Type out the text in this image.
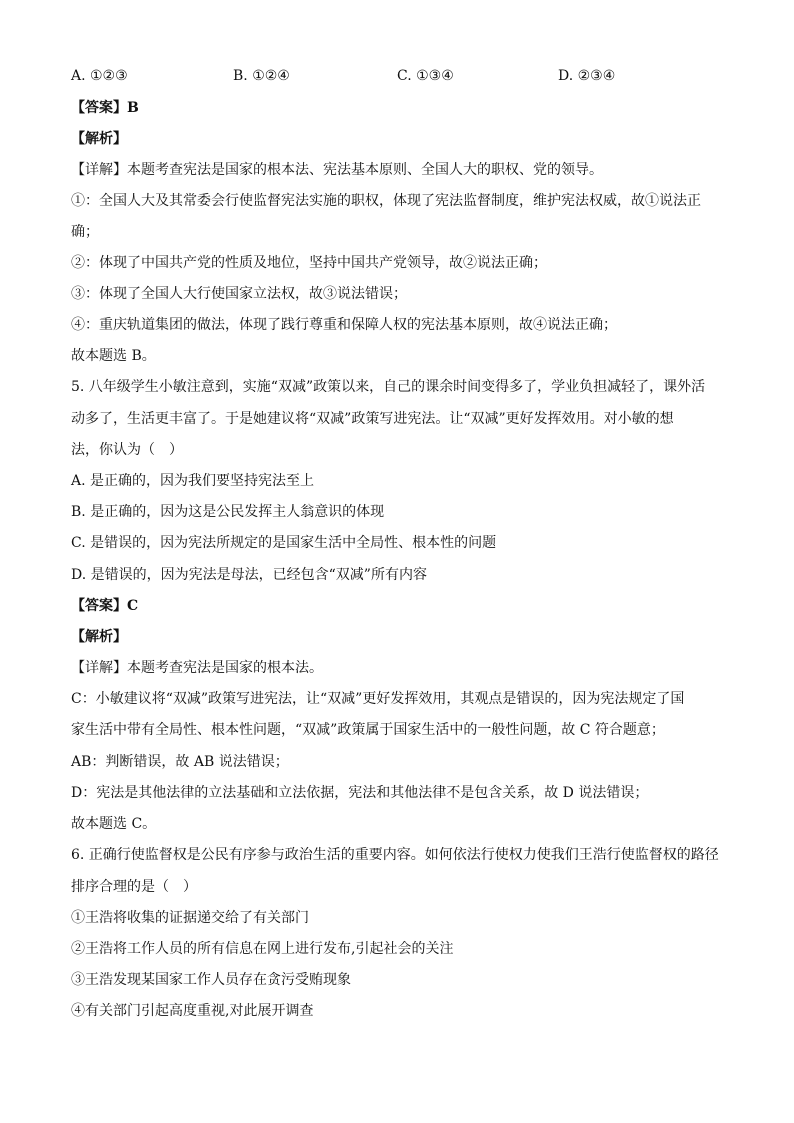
A. ①②③	B. ①②④	C. ①③④	D. ②③④
【答案】B
【解析】
【详解】本题考查宪法是国家的根本法、宪法基本原则、全国人大的职权、党的领导。
①：全国人大及其常委会行使监督宪法实施的职权，体现了宪法监督制度，维护宪法权威，故①说法正
确；
②：体现了中国共产党的性质及地位，坚持中国共产党领导，故②说法正确；
③：体现了全国人大行使国家立法权，故③说法错误；
④：重庆轨道集团的做法，体现了践行尊重和保障人权的宪法基本原则，故④说法正确；
故本题选 B。
5. 八年级学生小敏注意到，实施“双减”政策以来，自己的课余时间变得多了，学业负担减轻了，课外活
动多了，生活更丰富了。于是她建议将“双减”政策写进宪法。让“双减”更好发挥效用。对小敏的想
法，你认为（　）
A. 是正确的，因为我们要坚持宪法至上
B. 是正确的，因为这是公民发挥主人翁意识的体现
C. 是错误的，因为宪法所规定的是国家生活中全局性、根本性的问题
D. 是错误的，因为宪法是母法，已经包含“双减”所有内容
【答案】C
【解析】
【详解】本题考查宪法是国家的根本法。
C：小敏建议将“双减”政策写进宪法，让“双减”更好发挥效用，其观点是错误的，因为宪法规定了国
家生活中带有全局性、根本性问题，“双减”政策属于国家生活中的一般性问题，故 C 符合题意；
AB：判断错误，故 AB 说法错误；
D：宪法是其他法律的立法基础和立法依据，宪法和其他法律不是包含关系，故 D 说法错误；
故本题选 C。
6. 正确行使监督权是公民有序参与政治生活的重要内容。如何依法行使权力使我们王浩行使监督权的路径
排序合理的是（　）
①王浩将收集的证据递交给了有关部门
②王浩将工作人员的所有信息在网上进行发布,引起社会的关注
③王浩发现某国家工作人员存在贪污受贿现象
④有关部门引起高度重视,对此展开调查
